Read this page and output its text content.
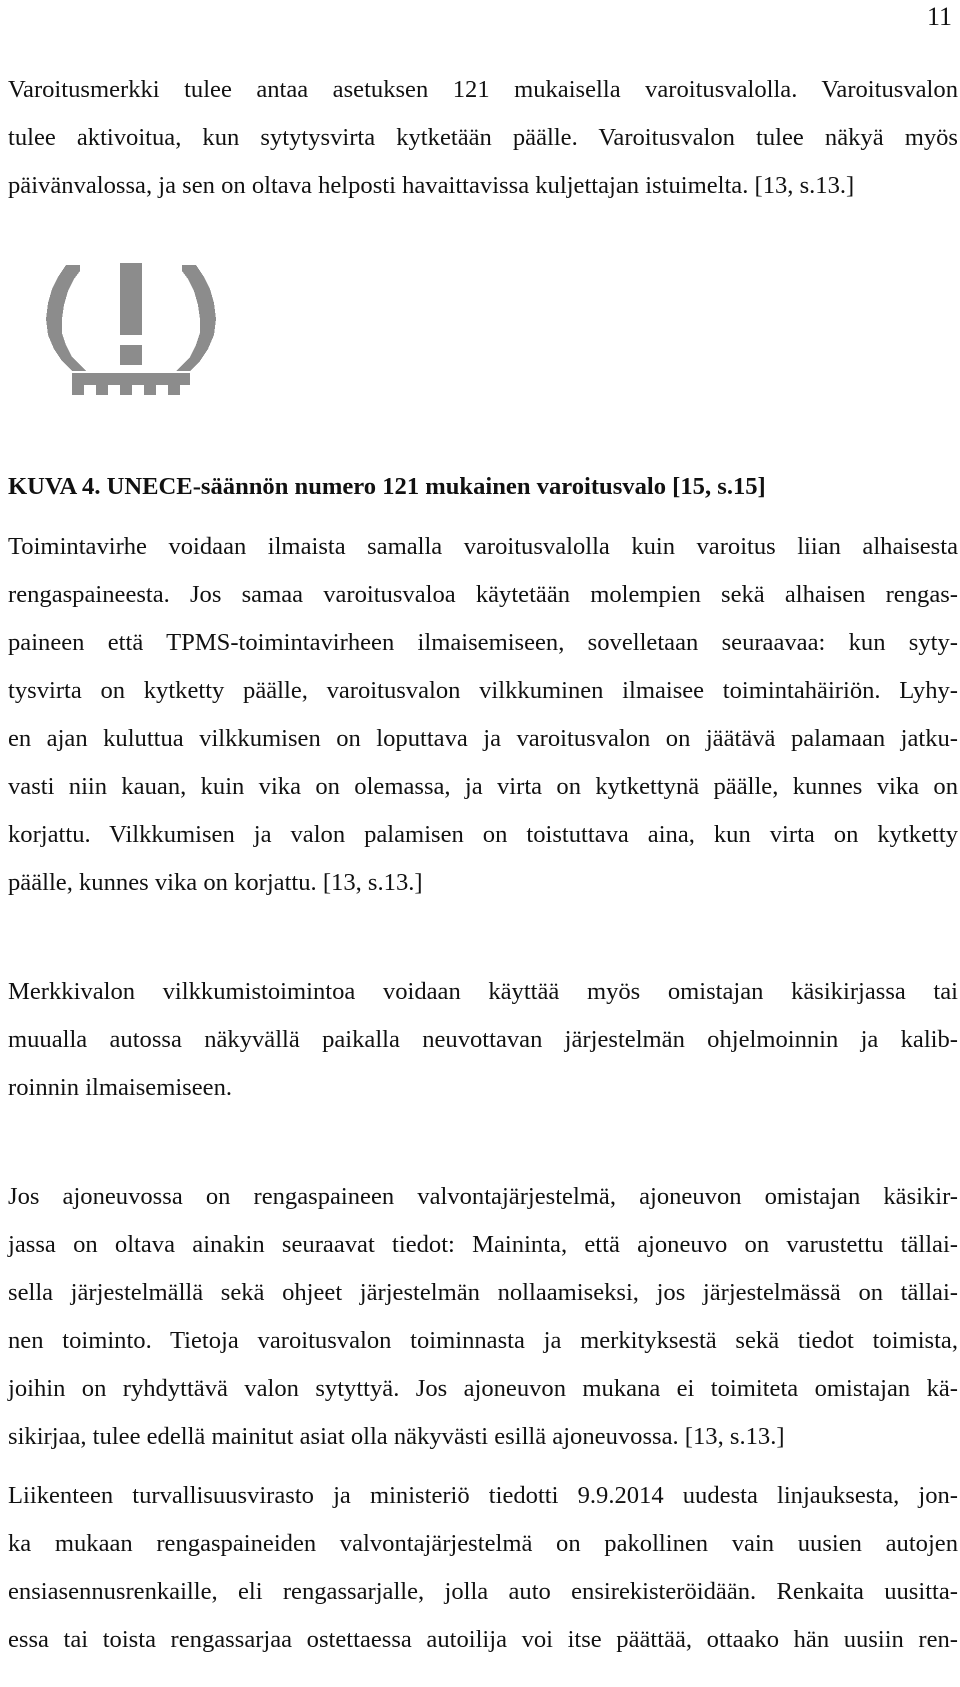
11
Varoitusmerkki tulee antaa asetuksen 121 mukaisella varoitusvalolla. Varoitusvalon
tulee aktivoitua, kun sytytysvirta kytketään päälle. Varoitusvalon tulee näkyä myös
päivänvalossa, ja sen on oltava helposti havaittavissa kuljettajan istuimelta. [13, s.13.]
KUVA 4. UNECE-säännön numero 121 mukainen varoitusvalo [15, s.15]
Toimintavirhe voidaan ilmaista samalla varoitusvalolla kuin varoitus liian alhaisesta
rengaspaineesta. Jos samaa varoitusvaloa käytetään molempien sekä alhaisen rengas-
paineen että TPMS-toimintavirheen ilmaisemiseen, sovelletaan seuraavaa: kun syty-
tysvirta on kytketty päälle, varoitusvalon vilkkuminen ilmaisee toimintahäiriön. Lyhy-
en ajan kuluttua vilkkumisen on loputtava ja varoitusvalon on jäätävä palamaan jatku-
vasti niin kauan, kuin vika on olemassa, ja virta on kytkettynä päälle, kunnes vika on
korjattu. Vilkkumisen ja valon palamisen on toistuttava aina, kun virta on kytketty
päälle, kunnes vika on korjattu. [13, s.13.]
Merkkivalon vilkkumistoimintoa voidaan käyttää myös omistajan käsikirjassa tai
muualla autossa näkyvällä paikalla neuvottavan järjestelmän ohjelmoinnin ja kalib-
roinnin ilmaisemiseen.
Jos ajoneuvossa on rengaspaineen valvontajärjestelmä, ajoneuvon omistajan käsikir-
jassa on oltava ainakin seuraavat tiedot: Maininta, että ajoneuvo on varustettu tällai-
sella järjestelmällä sekä ohjeet järjestelmän nollaamiseksi, jos järjestelmässä on tällai-
nen toiminto. Tietoja varoitusvalon toiminnasta ja merkityksestä sekä tiedot toimista,
joihin on ryhdyttävä valon sytyttyä. Jos ajoneuvon mukana ei toimiteta omistajan kä-
sikirjaa, tulee edellä mainitut asiat olla näkyvästi esillä ajoneuvossa. [13, s.13.]
Liikenteen turvallisuusvirasto ja ministeriö tiedotti 9.9.2014 uudesta linjauksesta, jon-
ka mukaan rengaspaineiden valvontajärjestelmä on pakollinen vain uusien autojen
ensiasennusrenkaille, eli rengassarjalle, jolla auto ensirekisteröidään. Renkaita uusitta-
essa tai toista rengassarjaa ostettaessa autoilija voi itse päättää, ottaako hän uusiin ren-
